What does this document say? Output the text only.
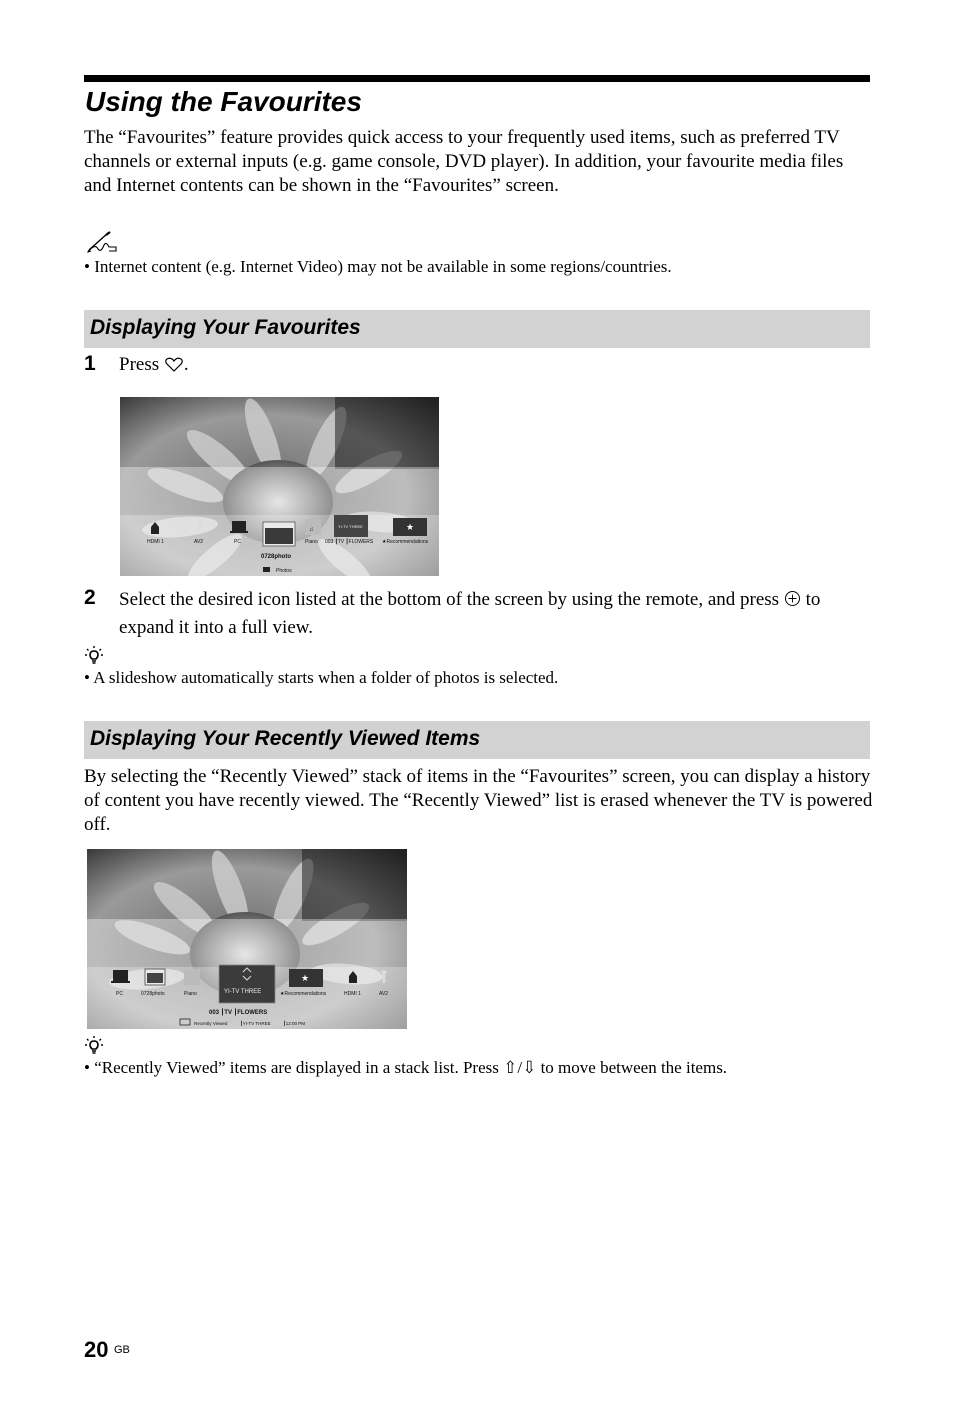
Using the Favourites
The “Favourites” feature provides quick access to your frequently used items, such as preferred TV channels or external inputs (e.g. game console, DVD player). In addition, your favourite media files and Internet contents can be shown in the “Favourites” screen.
• Internet content (e.g. Internet Video) may not be available in some regions/countries.
Displaying Your Favourites
1 Press .
♫
YI-TV THREE	★
HDMI 1	AV2	PC	Piano 003 ┃TV ┃FLOWERS ★Recommendations
0728photo
Photos
2 Select the desired icon listed at the bottom of the screen by using the remote, and press to expand it into a full view.
• A slideshow automatically starts when a folder of photos is selected.
Displaying Your Recently Viewed Items
By selecting the “Recently Viewed” stack of items in the “Favourites” screen, you can display a history of content you have recently viewed. The “Recently Viewed” list is erased whenever the TV is powered off.
YI-TV THREE
★
PC	0728photo	Piano	★Recommendations	HDMI 1	AV2
003 ┃TV ┃FLOWERS
Recently Viewed	┃YI-TV THREE	┃12:00 PM
• “Recently Viewed” items are displayed in a stack list. Press ⇧/⇩ to move between the items.
20 GB
